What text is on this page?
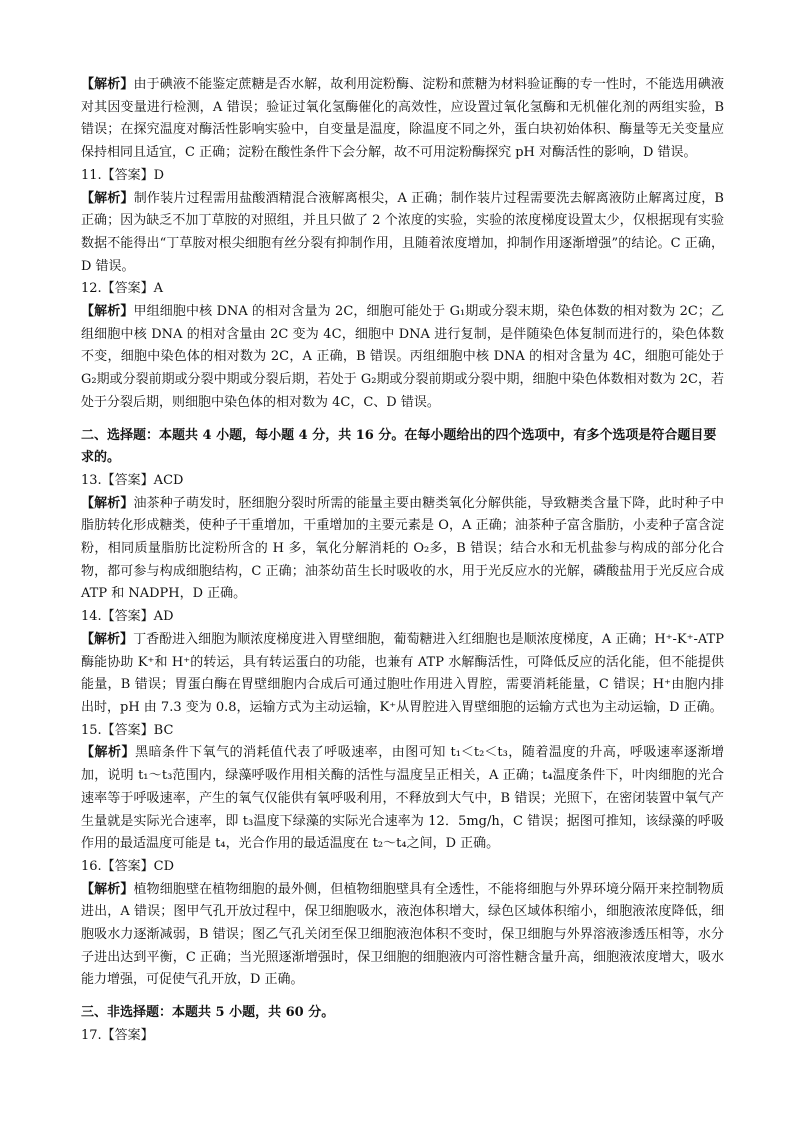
【解析】由于碘液不能鉴定蔗糖是否水解，故利用淀粉酶、淀粉和蔗糖为材料验证酶的专一性时，不能选用碘液对其因变量进行检测，A 错误；验证过氧化氢酶催化的高效性，应设置过氧化氢酶和无机催化剂的两组实验，B 错误；在探究温度对酶活性影响实验中，自变量是温度，除温度不同之外，蛋白块初始体积、酶量等无关变量应保持相同且适宜，C 正确；淀粉在酸性条件下会分解，故不可用淀粉酶探究 pH 对酶活性的影响，D 错误。

11.【答案】D

【解析】制作装片过程需用盐酸酒精混合液解离根尖，A 正确；制作装片过程需要洗去解离液防止解离过度，B 正确；因为缺乏不加丁草胺的对照组，并且只做了 2 个浓度的实验，实验的浓度梯度设置太少，仅根据现有实验数据不能得出“丁草胺对根尖细胞有丝分裂有抑制作用，且随着浓度增加，抑制作用逐渐增强”的结论。C 正确，D 错误。

12.【答案】A

【解析】甲组细胞中核 DNA 的相对含量为 2C，细胞可能处于 G₁期或分裂末期，染色体数的相对数为 2C；乙组细胞中核 DNA 的相对含量由 2C 变为 4C，细胞中 DNA 进行复制，是伴随染色体复制而进行的，染色体数不变，细胞中染色体的相对数为 2C，A 正确，B 错误。丙组细胞中核 DNA 的相对含量为 4C，细胞可能处于 G₂期或分裂前期或分裂中期或分裂后期，若处于 G₂期或分裂前期或分裂中期，细胞中染色体数相对数为 2C，若处于分裂后期，则细胞中染色体的相对数为 4C，C、D 错误。

二、选择题：本题共 4 小题，每小题 4 分，共 16 分。在每小题给出的四个选项中，有多个选项是符合题目要求的。

13.【答案】ACD

【解析】油茶种子萌发时，胚细胞分裂时所需的能量主要由糖类氧化分解供能，导致糖类含量下降，此时种子中脂肪转化形成糖类，使种子干重增加，干重增加的主要元素是 O，A 正确；油茶种子富含脂肪，小麦种子富含淀粉，相同质量脂肪比淀粉所含的 H 多，氧化分解消耗的 O₂多，B 错误；结合水和无机盐参与构成的部分化合物，都可参与构成细胞结构，C 正确；油茶幼苗生长时吸收的水，用于光反应水的光解，磷酸盐用于光反应合成 ATP 和 NADPH，D 正确。

14.【答案】AD

【解析】丁香酚进入细胞为顺浓度梯度进入胃壁细胞，葡萄糖进入红细胞也是顺浓度梯度，A 正确；H⁺-K⁺-ATP 酶能协助 K⁺和 H⁺的转运，具有转运蛋白的功能，也兼有 ATP 水解酶活性，可降低反应的活化能，但不能提供能量，B 错误；胃蛋白酶在胃壁细胞内合成后可通过胞吐作用进入胃腔，需要消耗能量，C 错误；H⁺由胞内排出时，pH 由 7.3 变为 0.8，运输方式为主动运输，K⁺从胃腔进入胃壁细胞的运输方式也为主动运输，D 正确。

15.【答案】BC

【解析】黑暗条件下氧气的消耗值代表了呼吸速率，由图可知 t₁＜t₂＜t₃，随着温度的升高，呼吸速率逐渐增加，说明 t₁～t₃范围内，绿藻呼吸作用相关酶的活性与温度呈正相关，A 正确；t₄温度条件下，叶肉细胞的光合速率等于呼吸速率，产生的氧气仅能供有氧呼吸利用，不释放到大气中，B 错误；光照下，在密闭装置中氧气产生量就是实际光合速率，即 t₃温度下绿藻的实际光合速率为 12．5mg/h，C 错误；据图可推知，该绿藻的呼吸作用的最适温度可能是 t₄，光合作用的最适温度在 t₂～t₄之间，D 正确。

16.【答案】CD

【解析】植物细胞壁在植物细胞的最外侧，但植物细胞壁具有全透性，不能将细胞与外界环境分隔开来控制物质进出，A 错误；图甲气孔开放过程中，保卫细胞吸水，液泡体积增大，绿色区域体积缩小，细胞液浓度降低，细胞吸水力逐渐减弱，B 错误；图乙气孔关闭至保卫细胞液泡体积不变时，保卫细胞与外界溶液渗透压相等，水分子进出达到平衡，C 正确；当光照逐渐增强时，保卫细胞的细胞液内可溶性糖含量升高，细胞液浓度增大，吸水能力增强，可促使气孔开放，D 正确。

三、非选择题：本题共 5 小题，共 60 分。

17.【答案】
